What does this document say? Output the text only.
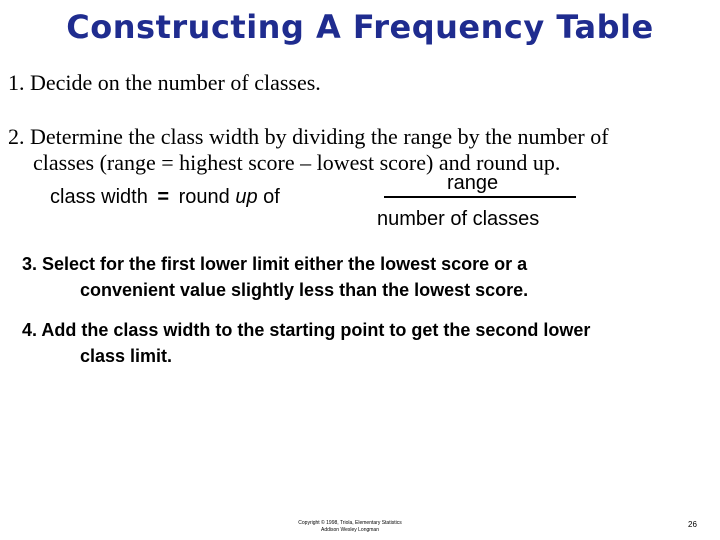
Constructing A Frequency Table
1. Decide on the number of classes.
2. Determine the class width by dividing the range by the number of
classes (range = highest score – lowest score) and round up.
class width = round up of
range
number of classes
3. Select for the first lower limit either the lowest score or a
convenient value slightly less than the lowest score.
4. Add the class width to the starting point to get the second lower
class limit.
Copyright © 1998, Triola, Elementary Statistics
Addison Wesley Longman
26
